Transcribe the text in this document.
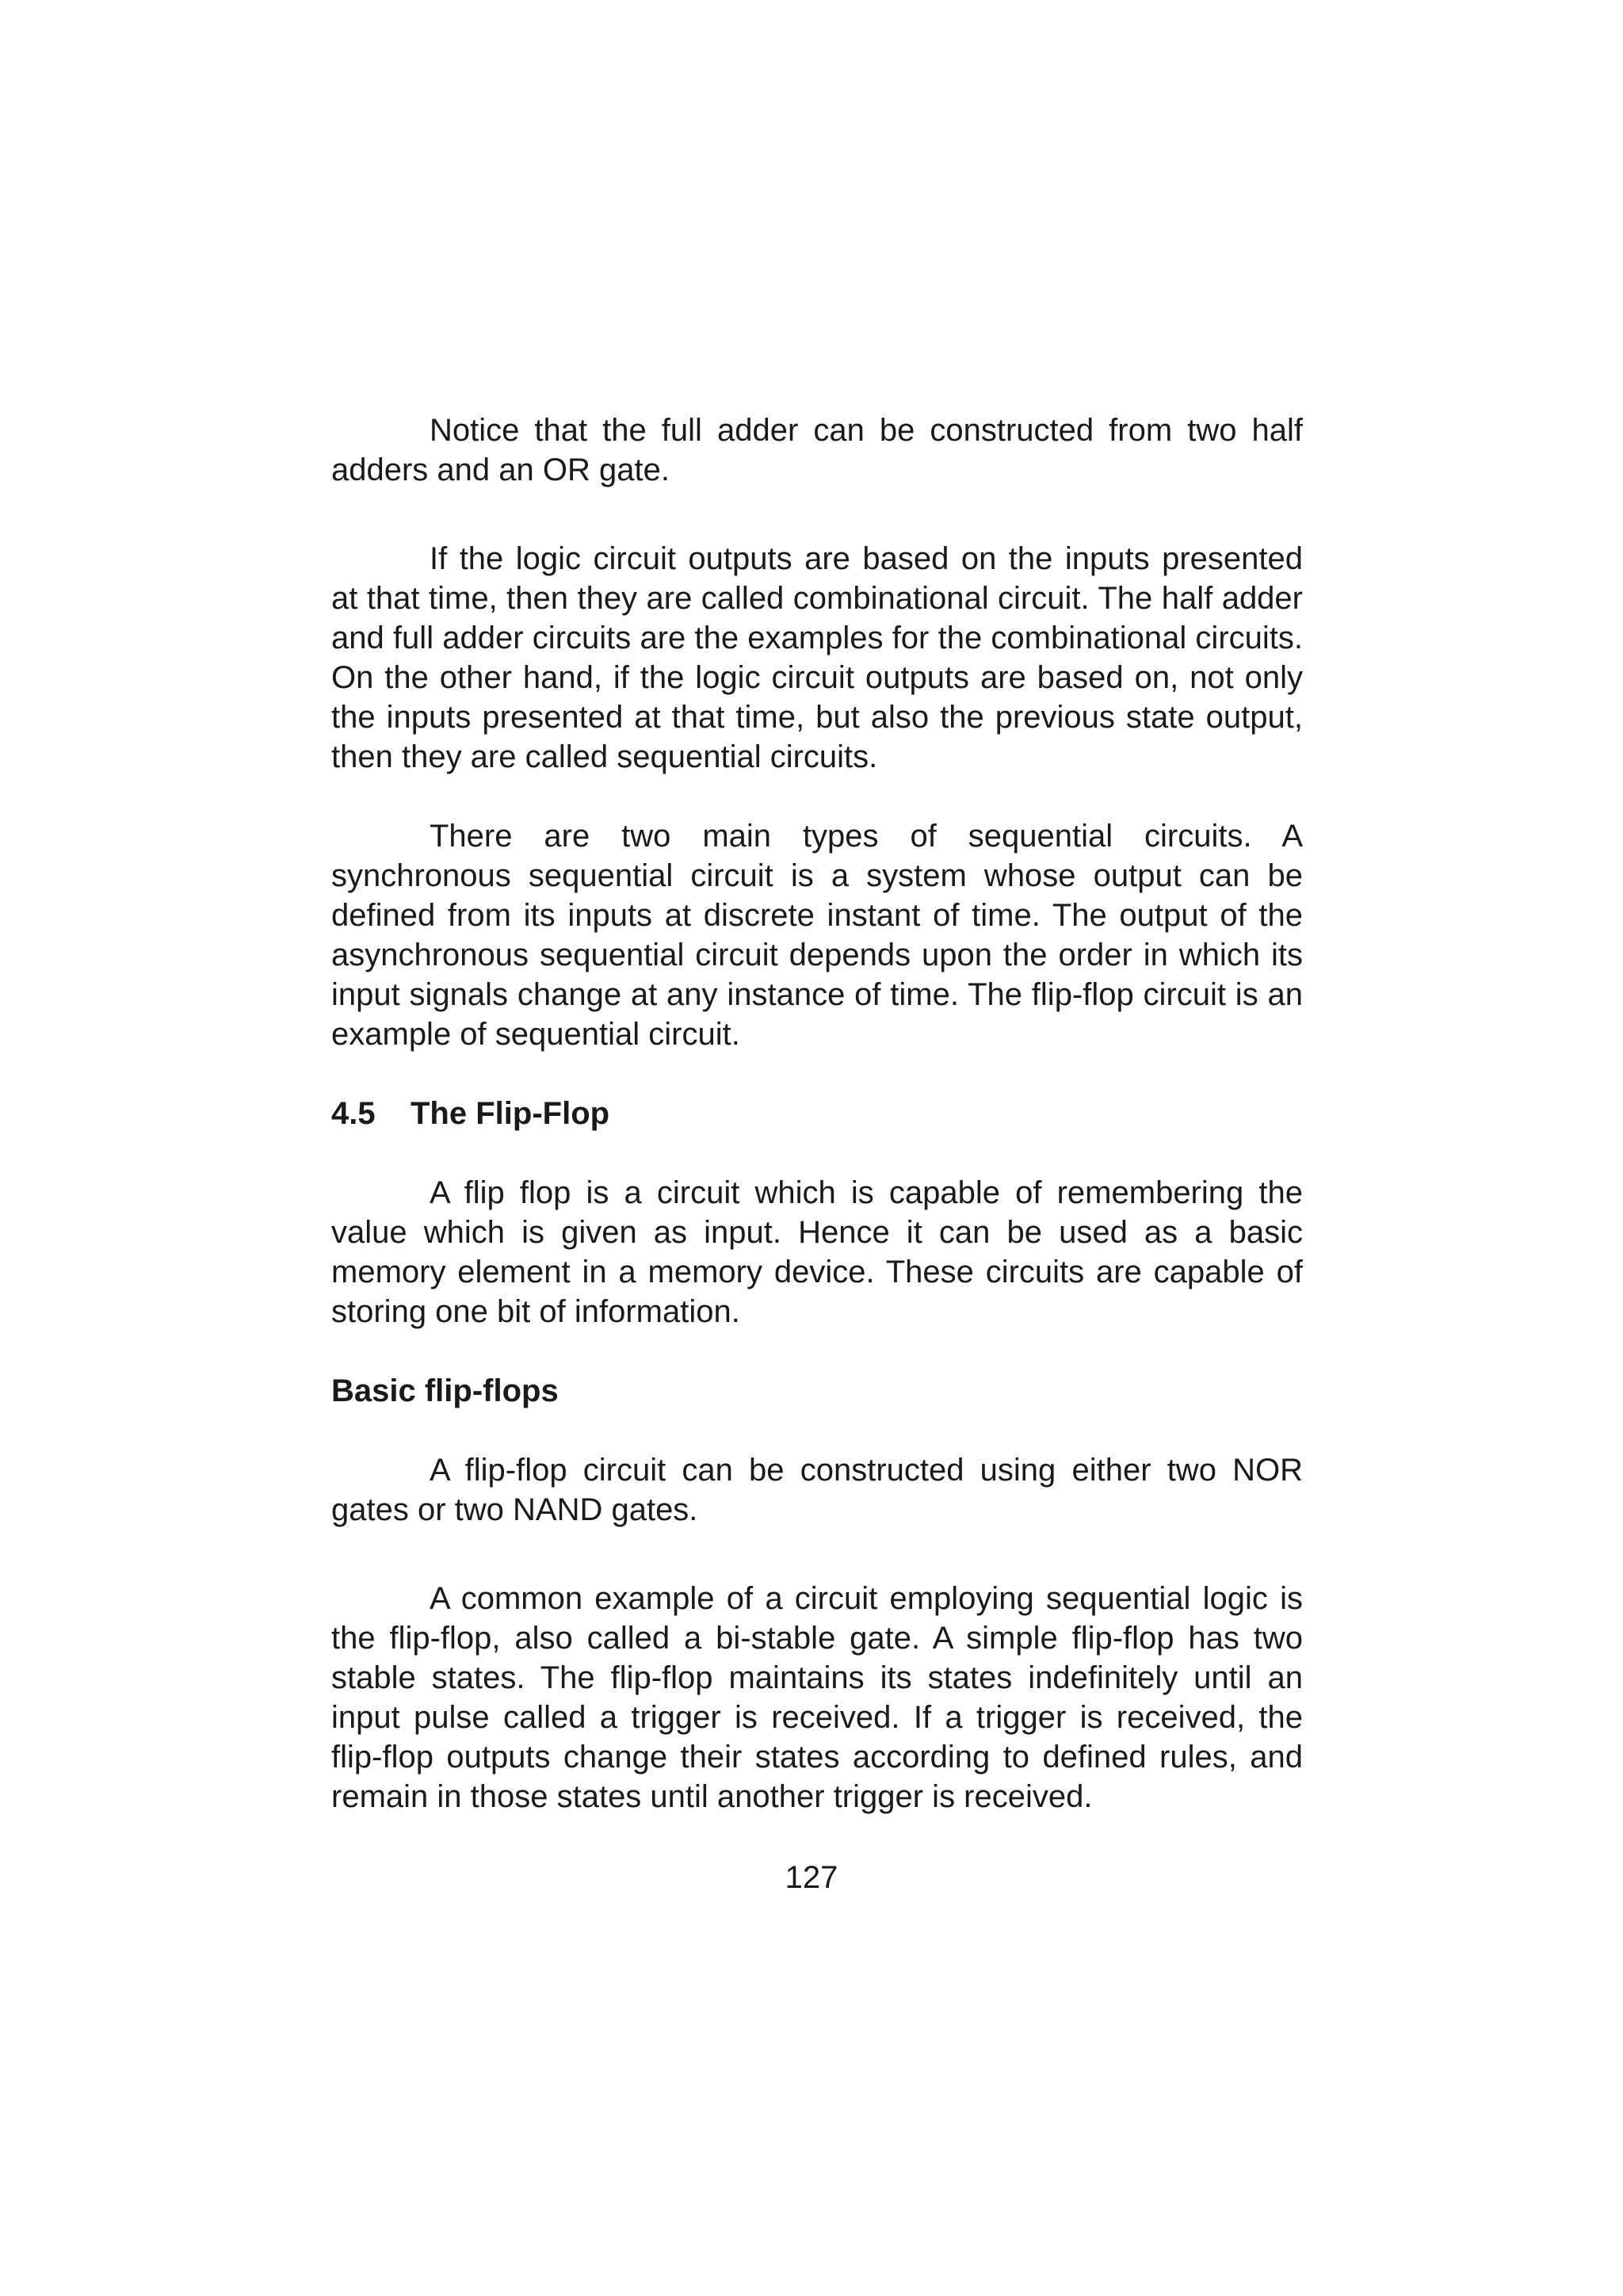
Notice that the full adder can be constructed from two half adders and an OR gate.

If the logic circuit outputs are based on the inputs presented at that time, then they are called combinational circuit. The half adder and full adder circuits are the examples for the combinational circuits. On the other hand, if the logic circuit outputs are based on, not only the inputs presented at that time, but also the previous state output, then they are called sequential circuits.

There are two main types of sequential circuits. A synchronous sequential circuit is a system whose output can be defined from its inputs at discrete instant of time. The output of the asynchronous sequential circuit depends upon the order in which its input signals change at any instance of time. The flip-flop circuit is an example of sequential circuit.

4.5 The Flip-Flop

A flip flop is a circuit which is capable of remembering the value which is given as input. Hence it can be used as a basic memory element in a memory device. These circuits are capable of storing one bit of information.

Basic flip-flops

A flip-flop circuit can be constructed using either two NOR gates or two NAND gates.

A common example of a circuit employing sequential logic is the flip-flop, also called a bi-stable gate. A simple flip-flop has two stable states. The flip-flop maintains its states indefinitely until an input pulse called a trigger is received. If a trigger is received, the flip-flop outputs change their states according to defined rules, and remain in those states until another trigger is received.

127
